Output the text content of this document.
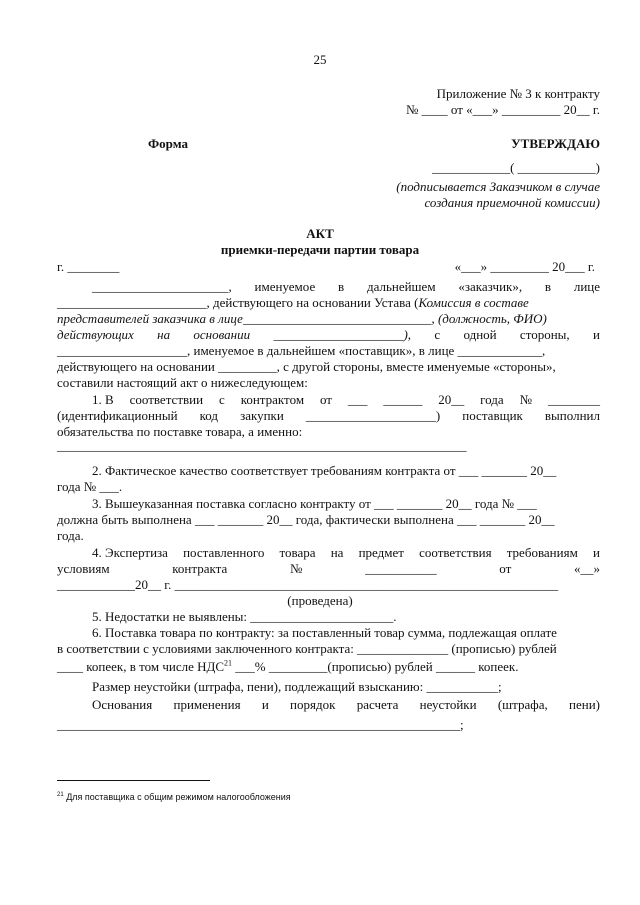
25
Приложение № 3 к контракту
№ ____ от «___» _________ 20__ г.
Форма	УТВЕРЖДАЮ
____________( ____________)
(подписывается Заказчиком в случае
создания приемочной комиссии)
АКТ
приемки-передачи партии товара
г. ________	«___» _________ 20___ г.
_____________________, именуемое в дальнейшем «заказчик», в лице
_______________________, действующего на основании Устава (Комиссия в составе
представителей заказчика в лице_____________________________, (должность, ФИО)
действующих на основании ____________________), с одной стороны, и
____________________, именуемое в дальнейшем «поставщик», в лице _____________,
действующего на основании _________, с другой стороны, вместе именуемые «стороны»,
составили настоящий акт о нижеследующем:
1. В соответствии с контрактом от ___ ______ 20__ года № ________
(идентификационный код закупки ____________________) поставщик выполнил
обязательства по поставке товара, а именно:
_______________________________________________________________
2. Фактическое качество соответствует требованиям контракта от ___ _______ 20__
года № ___.
3. Вышеуказанная поставка согласно контракту от ___ _______ 20__ года № ___
должна быть выполнена ___ _______ 20__ года, фактически выполнена ___ _______ 20__
года.
4. Экспертиза поставленного товара на предмет соответствия требованиям и
условиям	контракта	№	___________	от	«__»
____________20__ г. ___________________________________________________________
(проведена)
5. Недостатки не выявлены: ______________________.
6. Поставка товара по контракту: за поставленный товар сумма, подлежащая оплате
в соответствии с условиями заключенного контракта: ______________ (прописью) рублей
____ копеек, в том числе НДС$^{21}$ ___% _________(прописью) рублей ______ копеек.
Размер неустойки (штрафа, пени), подлежащий взысканию: ___________;
Основания применения и порядок расчета неустойки (штрафа, пени)
______________________________________________________________;
$^{21}$ Для поставщика с общим режимом налогообложения
